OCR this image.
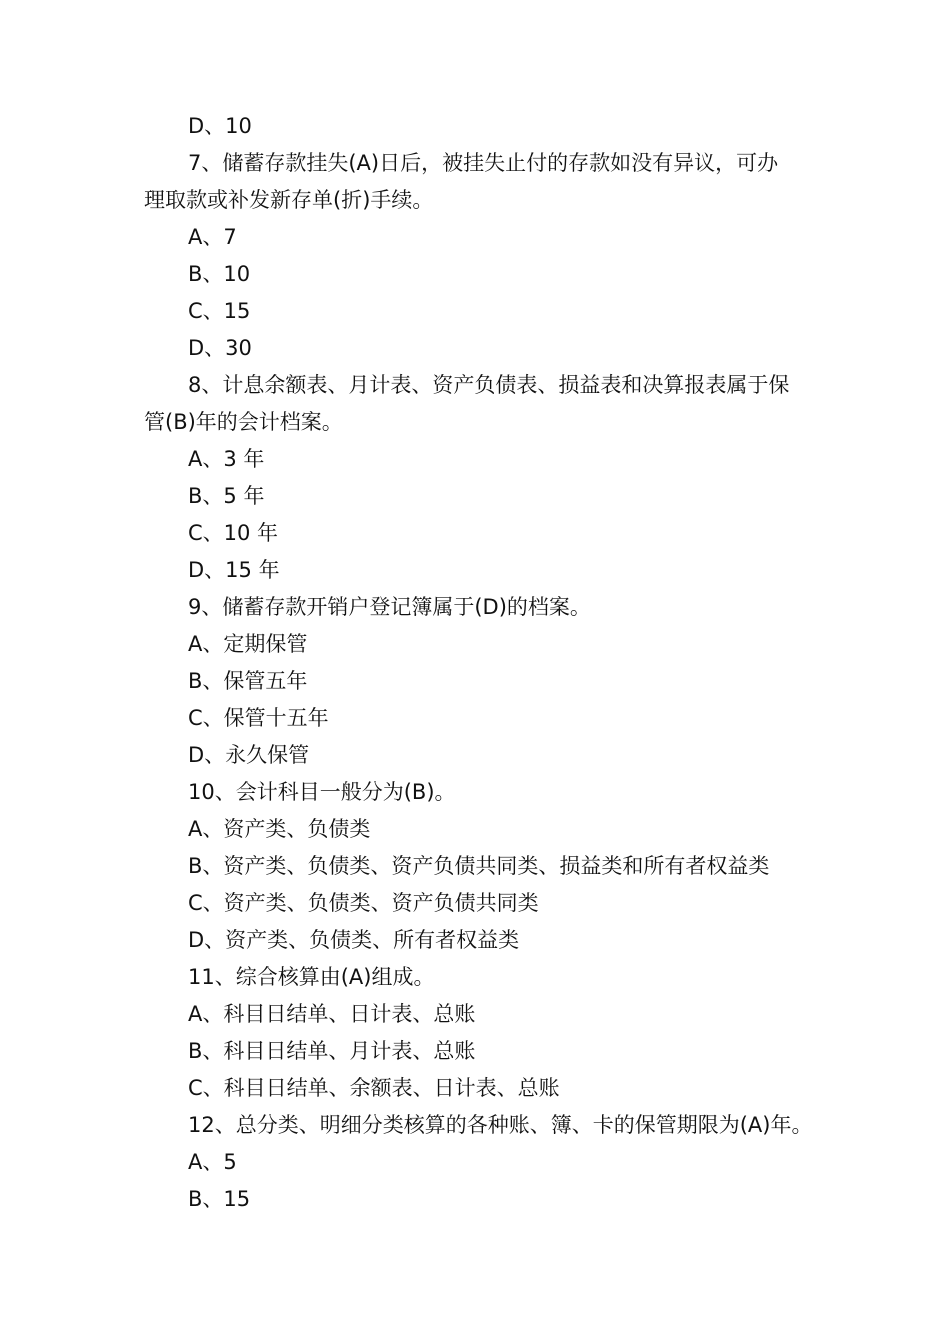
D、10
7、储蓄存款挂失(A)日后，被挂失止付的存款如没有异议，可办
理取款或补发新存单(折)手续。
A、7
B、10
C、15
D、30
8、计息余额表、月计表、资产负债表、损益表和决算报表属于保
管(B)年的会计档案。
A、3 年
B、5 年
C、10 年
D、15 年
9、储蓄存款开销户登记簿属于(D)的档案。
A、定期保管
B、保管五年
C、保管十五年
D、永久保管
10、会计科目一般分为(B)。
A、资产类、负债类
B、资产类、负债类、资产负债共同类、损益类和所有者权益类
C、资产类、负债类、资产负债共同类
D、资产类、负债类、所有者权益类
11、综合核算由(A)组成。
A、科目日结单、日计表、总账
B、科目日结单、月计表、总账
C、科目日结单、余额表、日计表、总账
12、总分类、明细分类核算的各种账、簿、卡的保管期限为(A)年。
A、5
B、15
